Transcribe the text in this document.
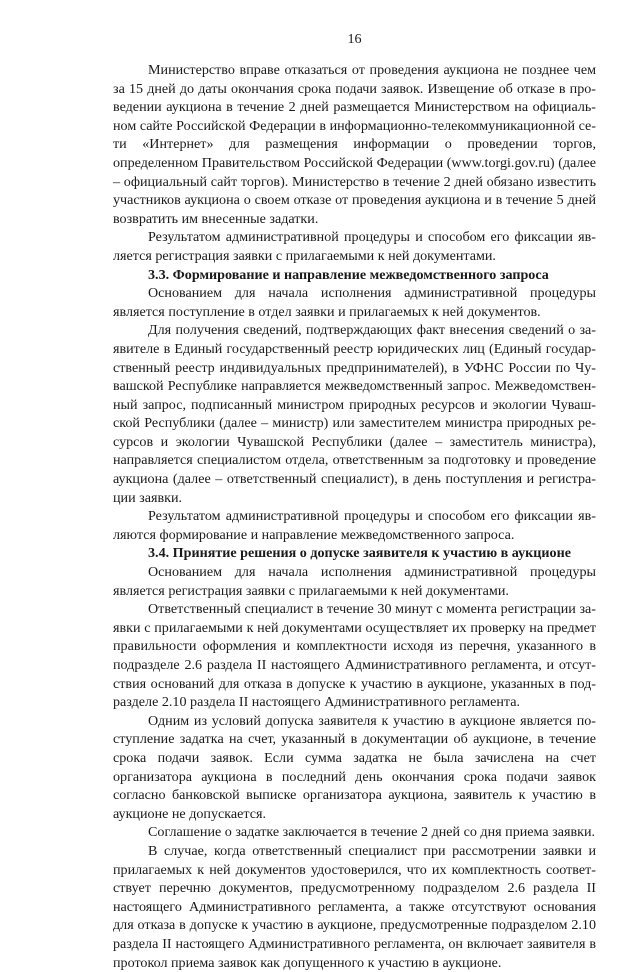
16

Министерство вправе отказаться от проведения аукциона не позднее чем за 15 дней до даты окончания срока подачи заявок. Извещение об отказе в проведении аукциона в течение 2 дней размещается Министерством на официальном сайте Российской Федерации в информационно-телекоммуникационной сети «Интернет» для размещения информации о проведении торгов, определенном Правительством Российской Федерации (www.torgi.gov.ru) (далее – официальный сайт торгов). Министерство в течение 2 дней обязано известить участников аукциона о своем отказе от проведения аукциона и в течение 5 дней возвратить им внесенные задатки.

Результатом административной процедуры и способом его фиксации является регистрация заявки с прилагаемыми к ней документами.

3.3. Формирование и направление межведомственного запроса

Основанием для начала исполнения административной процедуры является поступление в отдел заявки и прилагаемых к ней документов.

Для получения сведений, подтверждающих факт внесения сведений о заявителе в Единый государственный реестр юридических лиц (Единый государственный реестр индивидуальных предпринимателей), в УФНС России по Чувашской Республике направляется межведомственный запрос. Межведомственный запрос, подписанный министром природных ресурсов и экологии Чувашской Республики (далее – министр) или заместителем министра природных ресурсов и экологии Чувашской Республики (далее – заместитель министра), направляется специалистом отдела, ответственным за подготовку и проведение аукциона (далее – ответственный специалист), в день поступления и регистрации заявки.

Результатом административной процедуры и способом его фиксации являются формирование и направление межведомственного запроса.

3.4. Принятие решения о допуске заявителя к участию в аукционе

Основанием для начала исполнения административной процедуры является регистрация заявки с прилагаемыми к ней документами.

Ответственный специалист в течение 30 минут с момента регистрации заявки с прилагаемыми к ней документами осуществляет их проверку на предмет правильности оформления и комплектности исходя из перечня, указанного в подразделе 2.6 раздела II настоящего Административного регламента, и отсутствия оснований для отказа в допуске к участию в аукционе, указанных в подразделе 2.10 раздела II настоящего Административного регламента.

Одним из условий допуска заявителя к участию в аукционе является поступление задатка на счет, указанный в документации об аукционе, в течение срока подачи заявок. Если сумма задатка не была зачислена на счет организатора аукциона в последний день окончания срока подачи заявок согласно банковской выписке организатора аукциона, заявитель к участию в аукционе не допускается.

Соглашение о задатке заключается в течение 2 дней со дня приема заявки.

В случае, когда ответственный специалист при рассмотрении заявки и прилагаемых к ней документов удостоверился, что их комплектность соответствует перечню документов, предусмотренному подразделом 2.6 раздела II настоящего Административного регламента, а также отсутствуют основания для отказа в допуске к участию в аукционе, предусмотренные подразделом 2.10 раздела II настоящего Административного регламента, он включает заявителя в протокол приема заявок как допущенного к участию в аукционе.
